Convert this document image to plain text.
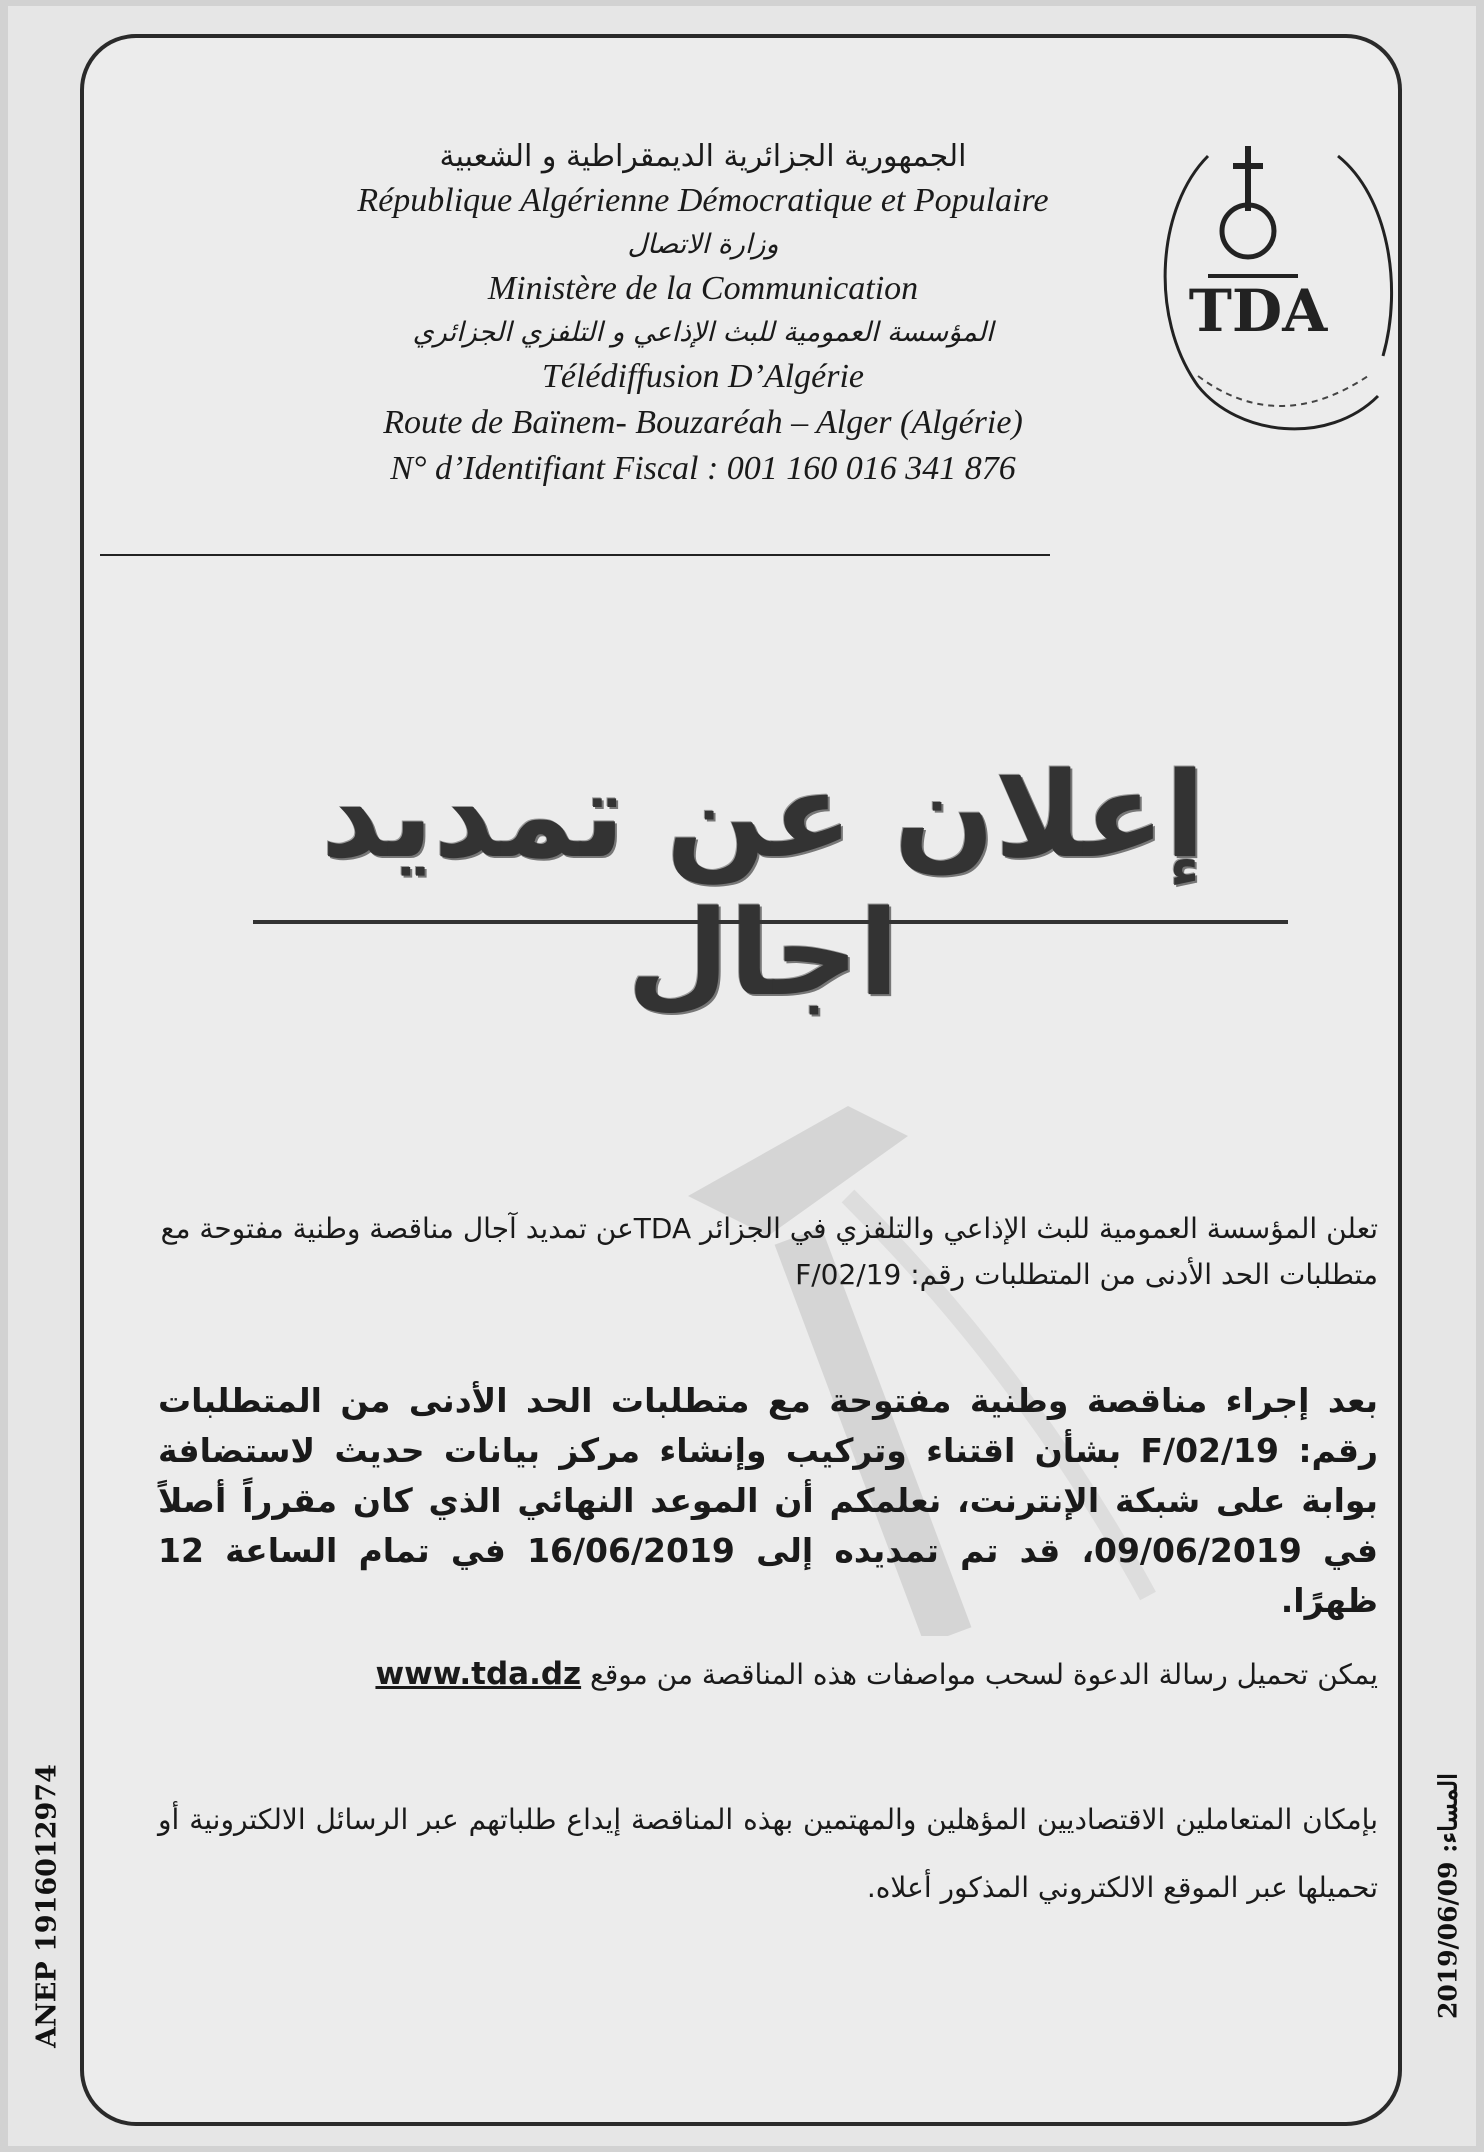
TDA
الجمهورية الجزائرية الديمقراطية و الشعبية
République Algérienne Démocratique et Populaire
وزارة الاتصال
Ministère de la Communication
المؤسسة العمومية للبث الإذاعي و التلفزي الجزائري
Télédiffusion D’Algérie
Route de Baïnem- Bouzaréah – Alger (Algérie)
N° d’Identifiant Fiscal : 001 160 016 341 876
إعلان عن تمديد اجال
تعلن المؤسسة العمومية للبث الإذاعي والتلفزي في الجزائر TDAعن تمديد آجال مناقصة وطنية مفتوحة مع
متطلبات الحد الأدنى من المتطلبات رقم: 02/19/F
بعد إجراء مناقصة وطنية مفتوحة مع متطلبات الحد الأدنى من المتطلبات رقم: 02/19/F بشأن اقتناء وتركيب وإنشاء مركز بيانات حديث لاستضافة بوابة على شبكة الإنترنت، نعلمكم أن الموعد النهائي الذي كان مقرراً أصلاً في 09/06/2019، قد تم تمديده إلى 16/06/2019 في تمام الساعة 12 ظهرًا.
يمكن تحميل رسالة الدعوة لسحب مواصفات هذه المناقصة من موقع www.tda.dz
بإمكان المتعاملين الاقتصاديين المؤهلين والمهتمين بهذه المناقصة إيداع طلباتهم عبر الرسائل الالكترونية أو تحميلها عبر الموقع الالكتروني المذكور أعلاه.
ANEP 1916012974	المساء: 2019/06/09
